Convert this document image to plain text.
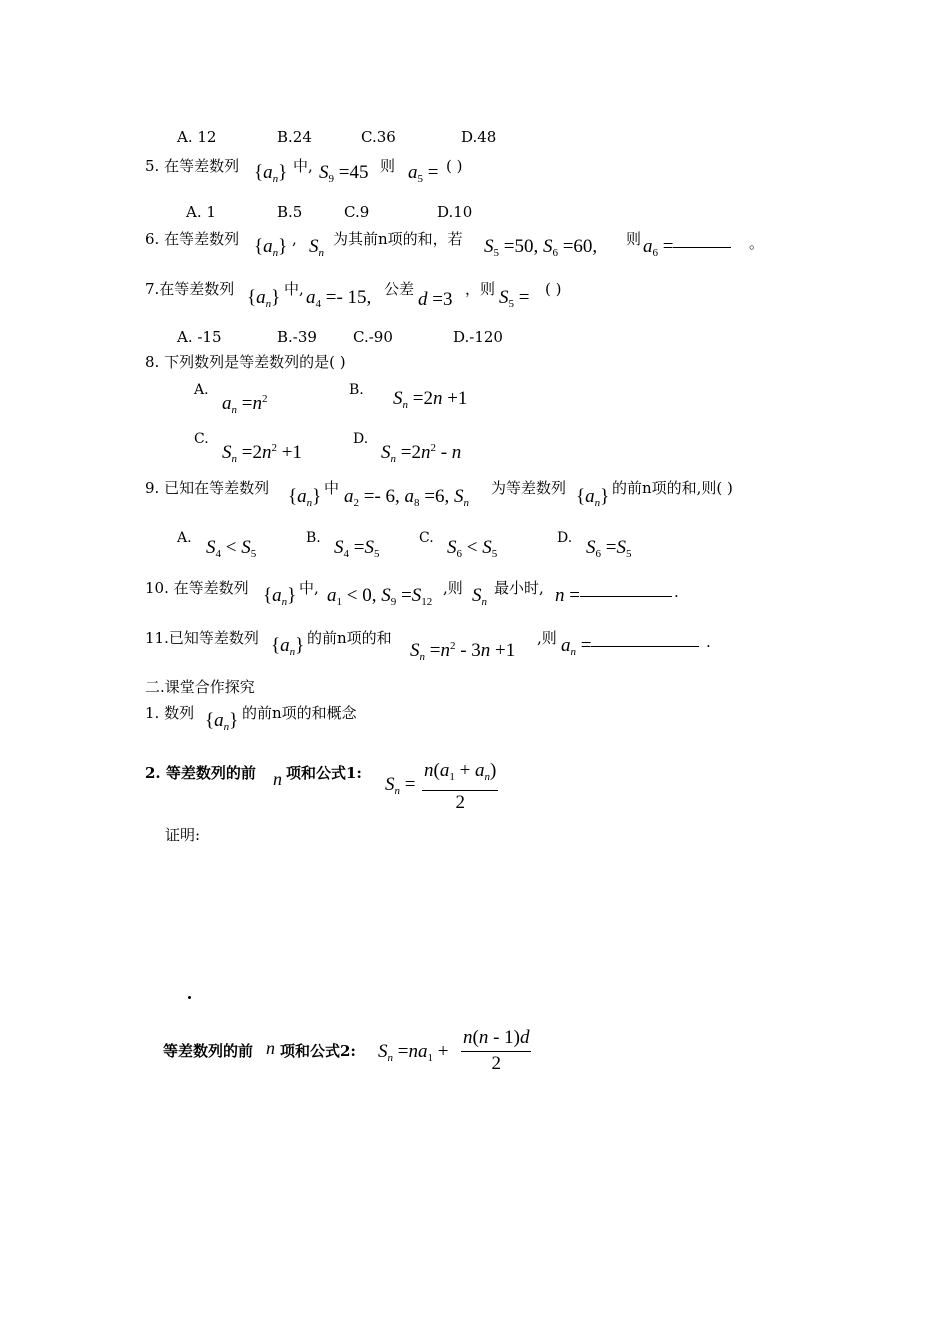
A. 12	B.24	C.36	D.48
5. 在等差数列 $\{a_n\}$ 中, $S_9 =45$ 则 $a_5$ = ( )
A. 1	B.5	C.9	D.10
6. 在等差数列 $\{a_n\}$ , $S_n$
为其前n项的和，若 $S_5 =50$, $S_6 =60$, 则 $a_6$ =	。
7.在等差数列 $\{a_n\}$ 中, $a_4 =- 15$, 公差 d =3 ，则 $S_5$ = ( )
A. -15	B.-39 C.-90	D.-120
8. 下列数列是等差数列的是( )
A.
$a_n =n^2$
B. $S_n =2n +1$
C.
$S_n =2n^2 +1$
D.
$S_n =2n^2 - n$
9. 已知在等差数列 $\{a_n\}$ 中 $a_2 =- 6$, $a_8 =6$, $S_n$
为等差数列 $\{a_n\}$ 的前n项的和,则( )
A. $S_4 < S_5$
B. $S_4 =S_5$
C. $S_6 < S_5$
D. $S_6 =S_5$
10. 在等差数列 $\{a_n\}$ 中, $a_1 < 0$, $S_9 =S_{12}$
,则 $S_n$
最小时, n =	.
11.已知等差数列 $\{a_n\}$ 的前n项的和
$S_n =n^2 - 3n +1$
,则 $a_n$ =	.
二.课堂合作探究
1. 数列 $\{a_n\}$ 的前n项的和概念
2. 等差数列的前 n 项和公式1:
$S_n = \frac{n(a_1 + a_n)}{2}$
证明:
等差数列的前 n 项和公式2: $S_n =na_1 + \frac{n(n - 1)d}{2}$
